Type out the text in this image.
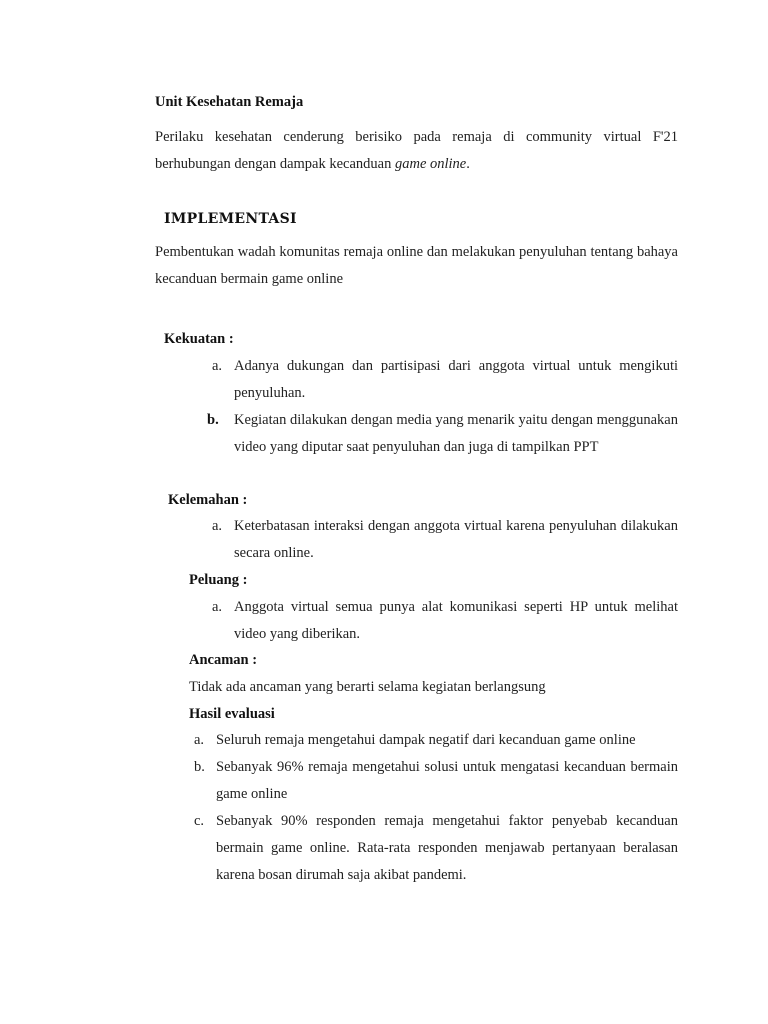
Unit Kesehatan Remaja
Perilaku kesehatan cenderung berisiko pada remaja di community virtual F'21 berhubungan dengan dampak kecanduan game online.
IMPLEMENTASI
Pembentukan wadah komunitas remaja online dan melakukan penyuluhan tentang bahaya kecanduan bermain game online
Kekuatan :
a. Adanya dukungan dan partisipasi dari anggota virtual untuk mengikuti penyuluhan.
b. Kegiatan dilakukan dengan media yang menarik yaitu dengan menggunakan video yang diputar saat penyuluhan dan juga di tampilkan PPT
Kelemahan :
a. Keterbatasan interaksi dengan anggota virtual karena penyuluhan dilakukan secara online.
Peluang :
a. Anggota virtual semua punya alat komunikasi seperti HP untuk melihat video yang diberikan.
Ancaman :
Tidak ada ancaman yang berarti selama kegiatan berlangsung
Hasil evaluasi
a. Seluruh remaja mengetahui dampak negatif dari kecanduan game online
b. Sebanyak 96% remaja mengetahui solusi untuk mengatasi kecanduan bermain game online
c. Sebanyak 90% responden remaja mengetahui faktor penyebab kecanduan bermain game online. Rata-rata responden menjawab pertanyaan beralasan karena bosan dirumah saja akibat pandemi.
